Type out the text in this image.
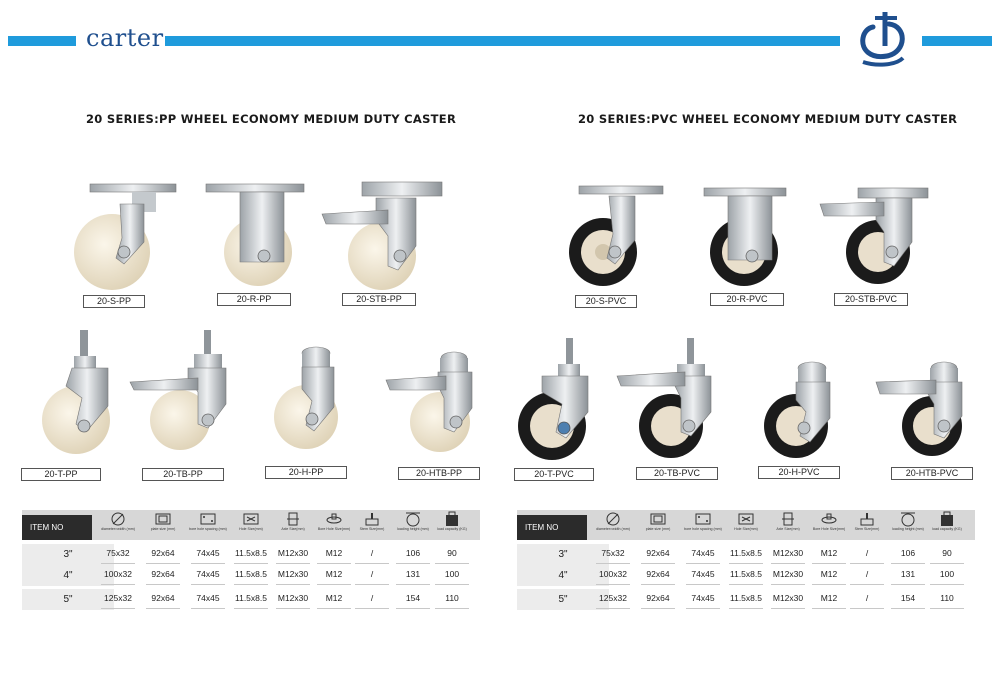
carter
20 SERIES:PP WHEEL ECONOMY MEDIUM DUTY CASTER	20 SERIES:PVC WHEEL ECONOMY MEDIUM DUTY CASTER
20-S-PP	20-R-PP	20-STB-PP
20-T-PP	20-TB-PP	20-H-PP	20-HTB-PP
20-S-PVC	20-R-PVC	20-STB-PVC
20-T-PVC	20-TB-PVC	20-H-PVC	20-HTB-PVC
ITEM NO	diameter×width (mm)	plate size (mm)	bore hole spacing (mm)	Hole Size(mm)	Axle Size(mm)	Bore Hole Size(mm)	Stem Size(mm)	loading height (mm)	load capacity (KG)
3"	75x32	92x64	74x45	11.5x8.5	M12x30	M12	/	106	90
4"	100x32	92x64	74x45	11.5x8.5	M12x30	M12	/	131	100
5"	125x32	92x64	74x45	11.5x8.5	M12x30	M12	/	154	110
ITEM NO	diameter×width (mm)	plate size (mm)	bore hole spacing (mm)	Hole Size(mm)	Axle Size(mm)	Bore Hole Size(mm)	Stem Size(mm)	loading height (mm)	load capacity (KG)
3"	75x32	92x64	74x45	11.5x8.5	M12x30	M12	/	106	90
4"	100x32	92x64	74x45	11.5x8.5	M12x30	M12	/	131	100
5"	125x32	92x64	74x45	11.5x8.5	M12x30	M12	/	154	110
